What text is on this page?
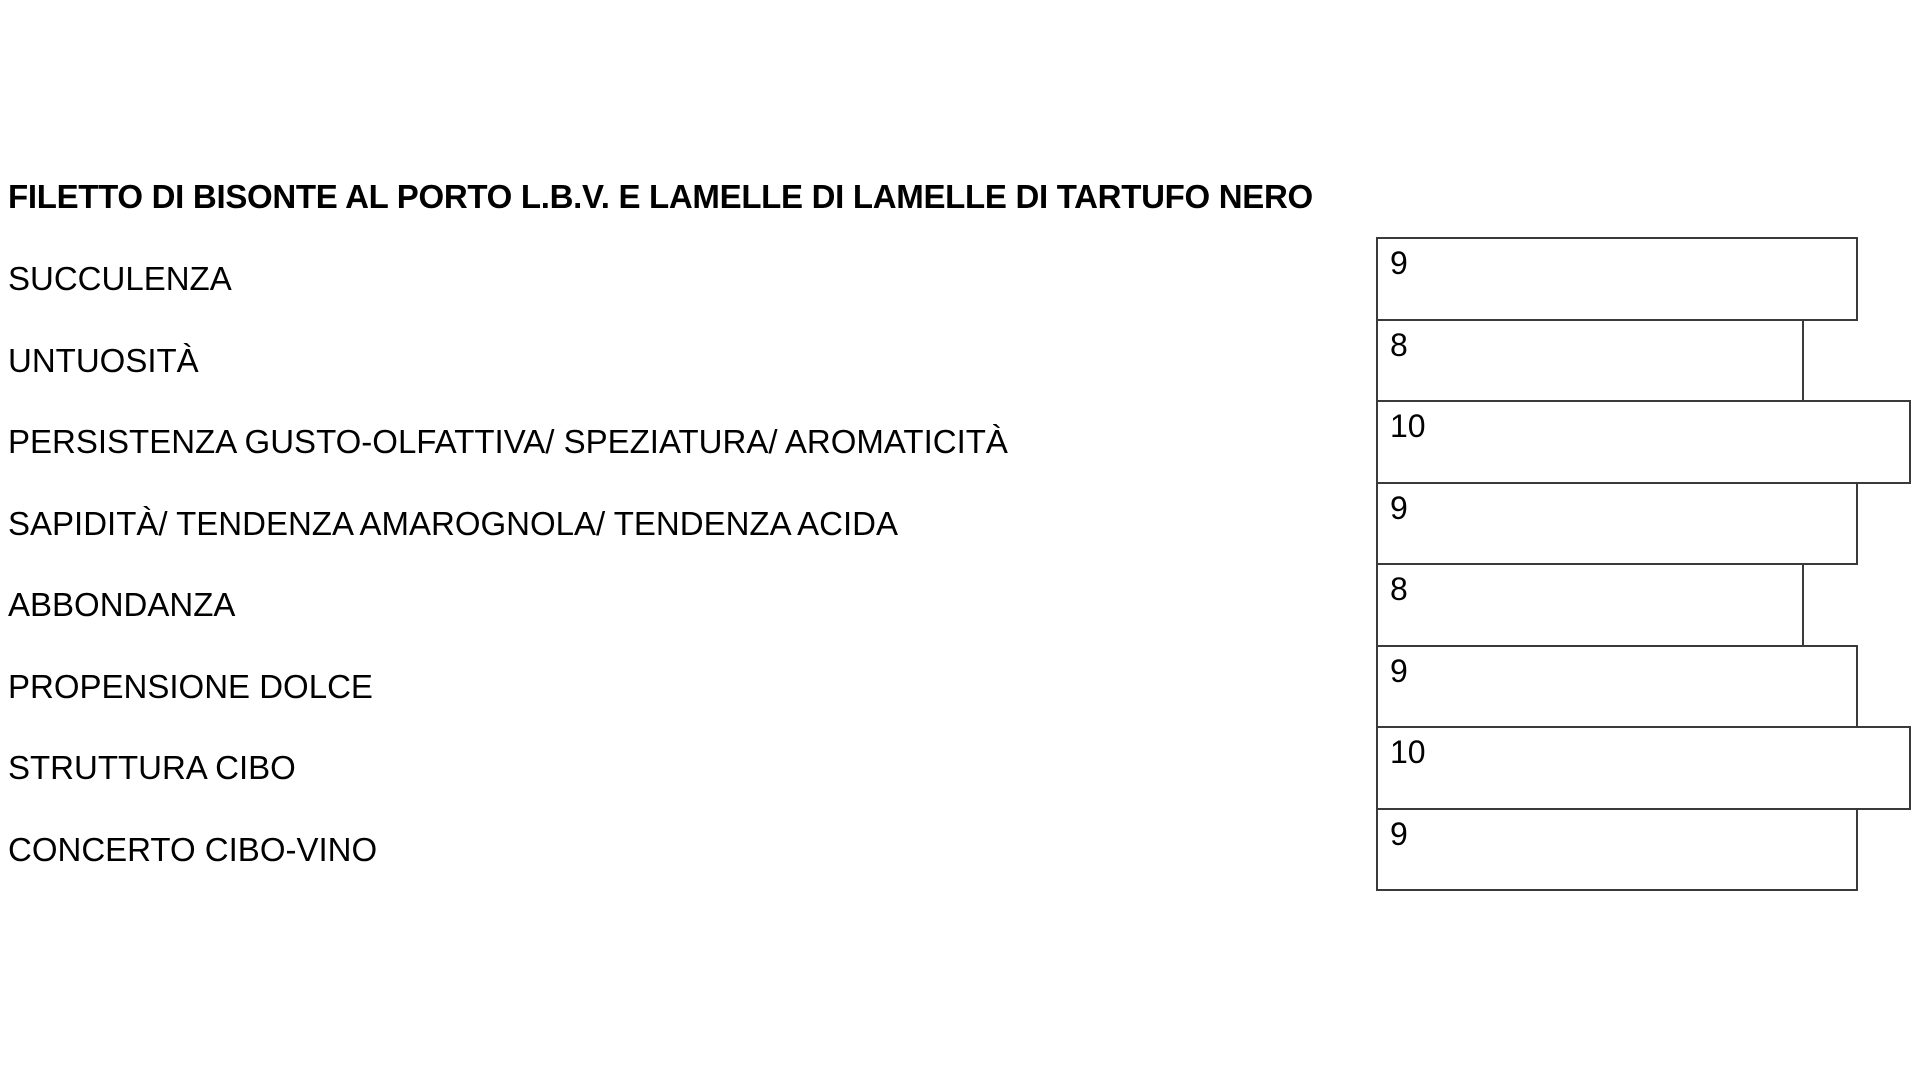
FILETTO DI BISONTE AL PORTO L.B.V. E LAMELLE DI LAMELLE DI TARTUFO NERO
SUCCULENZA
UNTUOSITÀ
PERSISTENZA GUSTO-OLFATTIVA/ SPEZIATURA/ AROMATICITÀ
SAPIDITÀ/ TENDENZA AMAROGNOLA/ TENDENZA ACIDA
ABBONDANZA
PROPENSIONE DOLCE
STRUTTURA CIBO
CONCERTO CIBO-VINO
9
8
10
9
8
9
10
9
